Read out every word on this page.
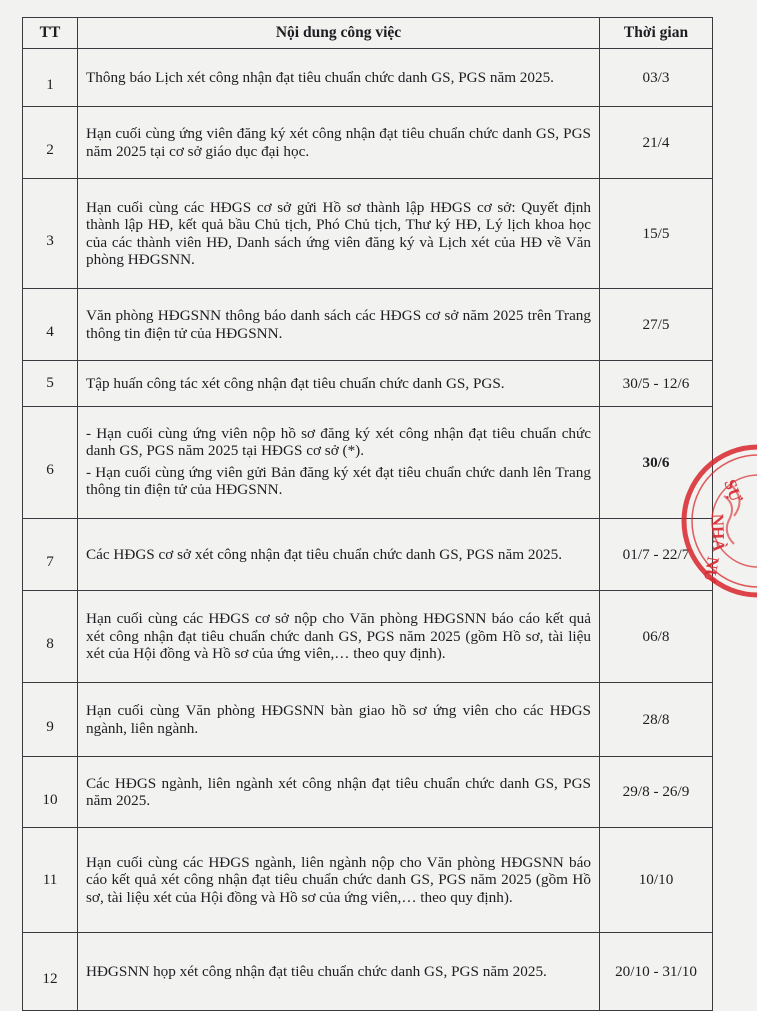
TT	Nội dung công việc	Thời gian
1	Thông báo Lịch xét công nhận đạt tiêu chuẩn chức danh GS, PGS năm 2025.	03/3
2	Hạn cuối cùng ứng viên đăng ký xét công nhận đạt tiêu chuẩn chức danh GS, PGS năm 2025 tại cơ sở giáo dục đại học.	21/4
3	Hạn cuối cùng các HĐGS cơ sở gửi Hồ sơ thành lập HĐGS cơ sở: Quyết định thành lập HĐ, kết quả bầu Chủ tịch, Phó Chủ tịch, Thư ký HĐ, Lý lịch khoa học của các thành viên HĐ, Danh sách ứng viên đăng ký và Lịch xét của HĐ về Văn phòng HĐGSNN.	15/5
4	Văn phòng HĐGSNN thông báo danh sách các HĐGS cơ sở năm 2025 trên Trang thông tin điện tử của HĐGSNN.	27/5
5	Tập huấn công tác xét công nhận đạt tiêu chuẩn chức danh GS, PGS.	30/5 - 12/6
6	- Hạn cuối cùng ứng viên nộp hồ sơ đăng ký xét công nhận đạt tiêu chuẩn chức danh GS, PGS năm 2025 tại HĐGS cơ sở (*).
- Hạn cuối cùng ứng viên gửi Bản đăng ký xét đạt tiêu chuẩn chức danh lên Trang thông tin điện tử của HĐGSNN.	30/6
7	Các HĐGS cơ sở xét công nhận đạt tiêu chuẩn chức danh GS, PGS năm 2025.	01/7 - 22/7
8	Hạn cuối cùng các HĐGS cơ sở nộp cho Văn phòng HĐGSNN báo cáo kết quả xét công nhận đạt tiêu chuẩn chức danh GS, PGS năm 2025 (gồm Hồ sơ, tài liệu xét của Hội đồng và Hồ sơ của ứng viên,… theo quy định).	06/8
9	Hạn cuối cùng Văn phòng HĐGSNN bàn giao hồ sơ ứng viên cho các HĐGS ngành, liên ngành.	28/8
10	Các HĐGS ngành, liên ngành xét công nhận đạt tiêu chuẩn chức danh GS, PGS năm 2025.	29/8 - 26/9
11	Hạn cuối cùng các HĐGS ngành, liên ngành nộp cho Văn phòng HĐGSNN báo cáo kết quả xét công nhận đạt tiêu chuẩn chức danh GS, PGS năm 2025 (gồm Hồ sơ, tài liệu xét của Hội đồng và Hồ sơ của ứng viên,… theo quy định).	10/10
12	HĐGSNN họp xét công nhận đạt tiêu chuẩn chức danh GS, PGS năm 2025.	20/10 - 31/10
SỰ
NHÀ
NƯ
